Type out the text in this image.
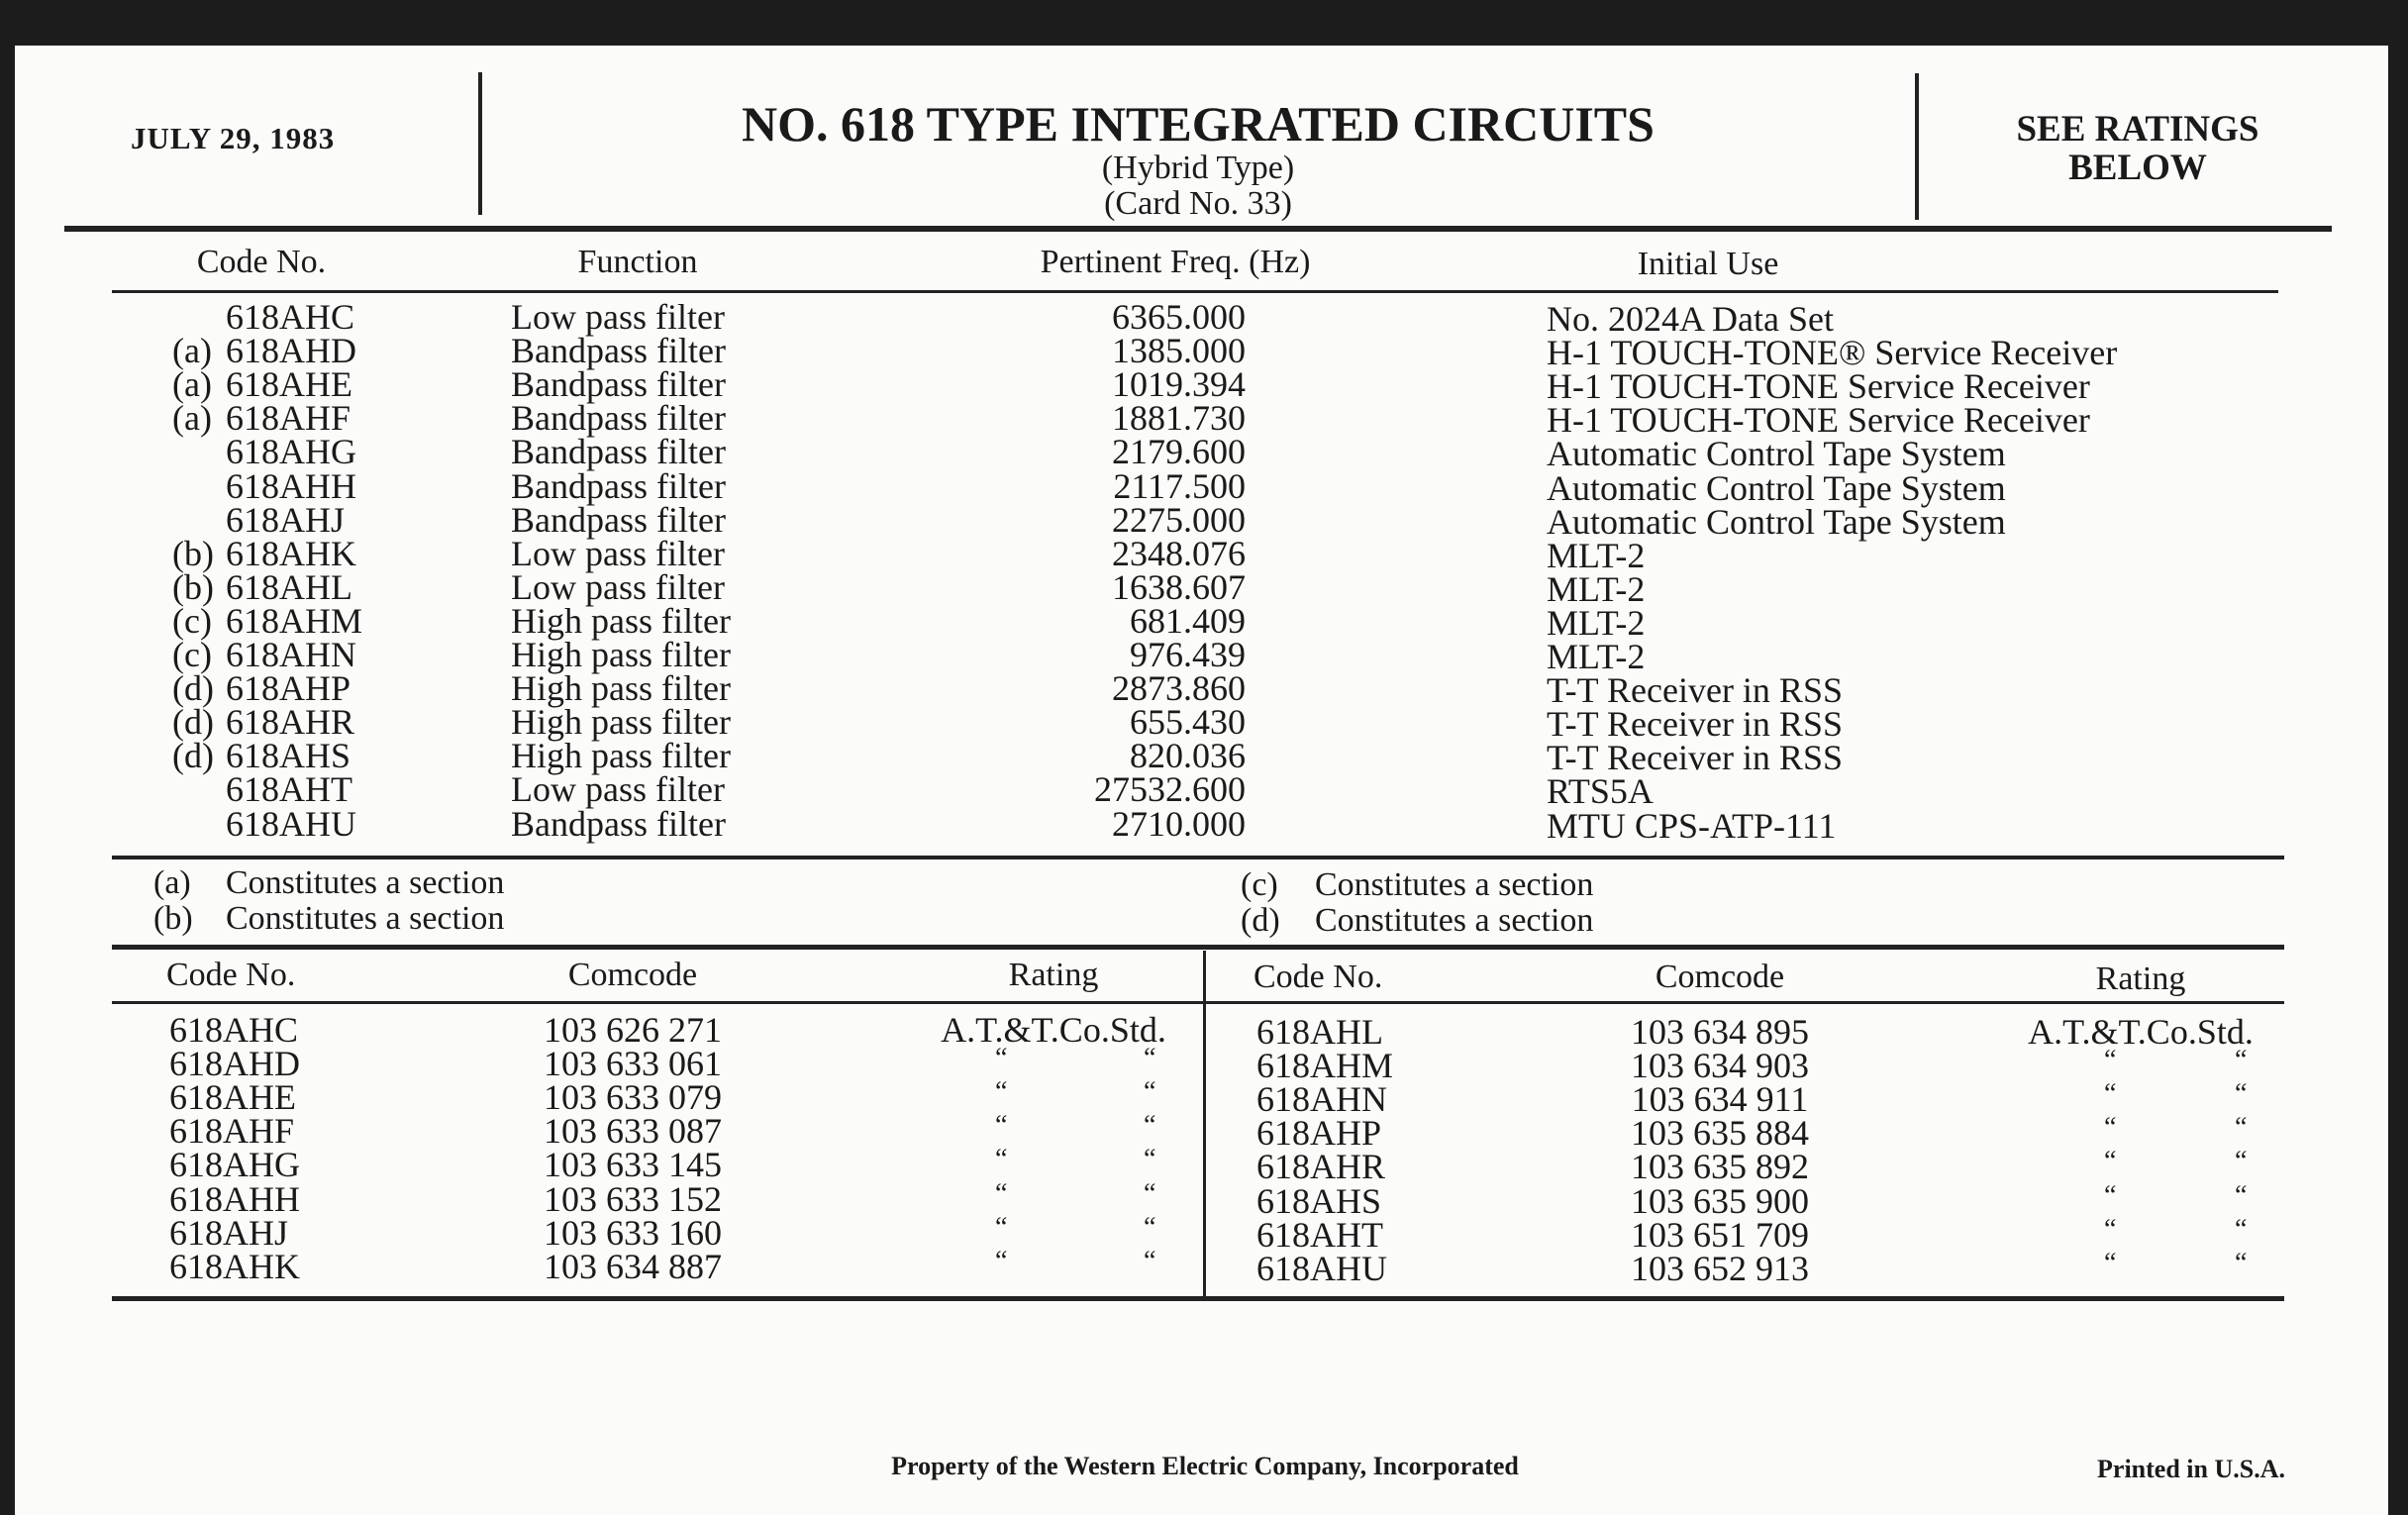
JULY 29, 1983	NO. 618 TYPE INTEGRATED CIRCUITS
(Hybrid Type)
(Card No. 33)
SEE RATINGS
BELOW
Code No.	Function	Pertinent Freq. (Hz)	Initial Use
618AHC	Low pass filter	6365.000	No. 2024A Data Set
(a) 618AHD	Bandpass filter	1385.000	H-1 TOUCH-TONE® Service Receiver
(a) 618AHE	Bandpass filter	1019.394	H-1 TOUCH-TONE Service Receiver
(a) 618AHF	Bandpass filter	1881.730	H-1 TOUCH-TONE Service Receiver
618AHG	Bandpass filter	2179.600	Automatic Control Tape System
618AHH	Bandpass filter	2117.500	Automatic Control Tape System
618AHJ	Bandpass filter	2275.000	Automatic Control Tape System
(b) 618AHK	Low pass filter	2348.076	MLT-2
(b) 618AHL	Low pass filter	1638.607	MLT-2
(c) 618AHM	High pass filter	681.409	MLT-2
(c) 618AHN	High pass filter	976.439	MLT-2
(d) 618AHP	High pass filter	2873.860	T-T Receiver in RSS
(d) 618AHR	High pass filter	655.430	T-T Receiver in RSS
(d) 618AHS	High pass filter	820.036	T-T Receiver in RSS
618AHT	Low pass filter	27532.600	RTS5A
618AHU	Bandpass filter	2710.000	MTU CPS-ATP-111
(a) Constitutes a section
(b) Constitutes a section
(c) Constitutes a section
(d) Constitutes a section
Code No.	Comcode	Rating	Code No.	Comcode	Rating
618AHC	103 626 271	A.T.&T.Co.Std.
618AHD	103 633 061	“	“
618AHE	103 633 079	“	“
618AHF	103 633 087	“	“
618AHG	103 633 145	“	“
618AHH	103 633 152	“	“
618AHJ	103 633 160	“	“
618AHK	103 634 887	“	“
618AHL	103 634 895	A.T.&T.Co.Std.
618AHM	103 634 903	“	“
618AHN	103 634 911	“	“
618AHP	103 635 884	“	“
618AHR	103 635 892	“	“
618AHS	103 635 900	“	“
618AHT	103 651 709	“	“
618AHU	103 652 913	“	“
Property of the Western Electric Company, Incorporated	Printed in U.S.A.
